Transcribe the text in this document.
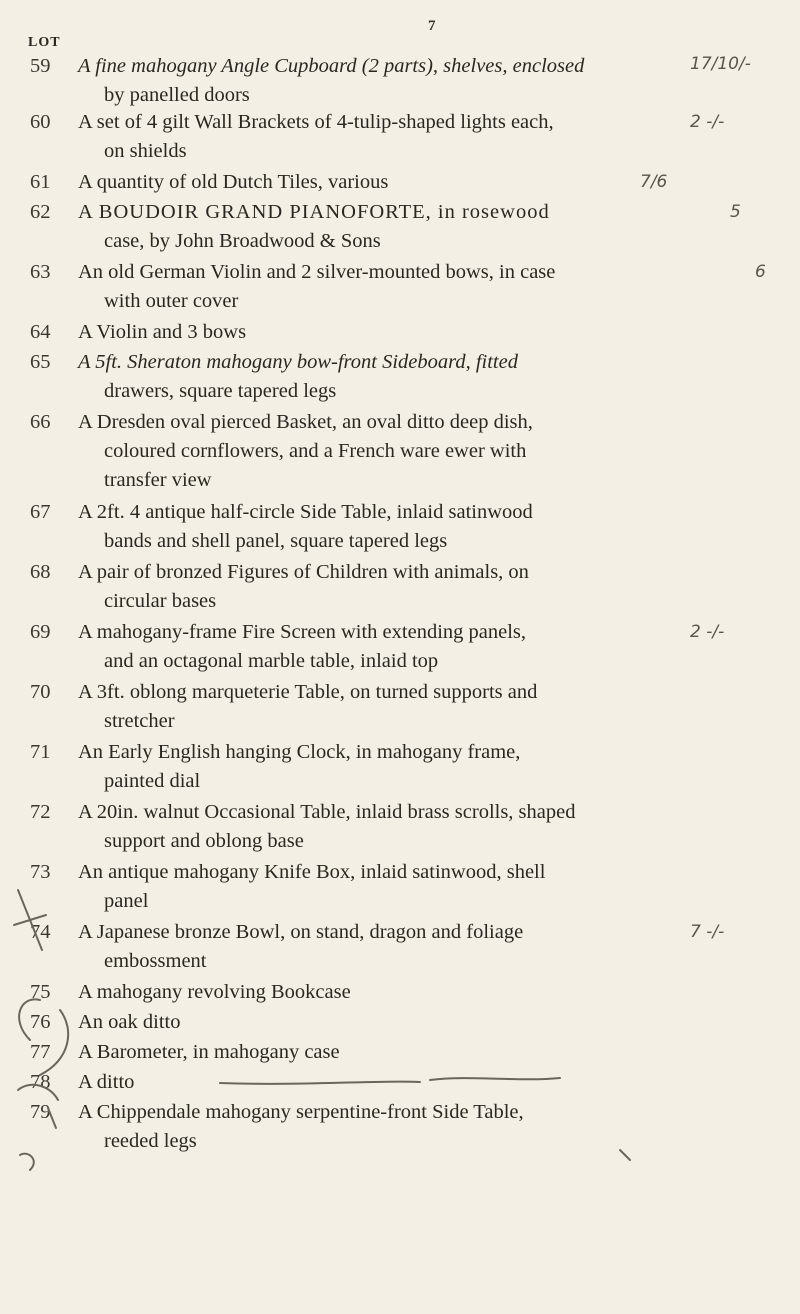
7
LOT
59	A fine mahogany Angle Cupboard (2 parts), shelves, enclosed
by panelled doors
17/10/-
60	A set of 4 gilt Wall Brackets of 4-tulip-shaped lights each,
on shields
2 -/-
61	A quantity of old Dutch Tiles, various	7/6
62	A BOUDOIR GRAND PIANOFORTE, in rosewood
case, by John Broadwood & Sons
5
63	An old German Violin and 2 silver-mounted bows, in case
with outer cover
6
64	A Violin and 3 bows
65	A 5ft. Sheraton mahogany bow-front Sideboard, fitted
drawers, square tapered legs
66	A Dresden oval pierced Basket, an oval ditto deep dish,
coloured cornflowers, and a French ware ewer with
transfer view
67	A 2ft. 4 antique half-circle Side Table, inlaid satinwood
bands and shell panel, square tapered legs
68	A pair of bronzed Figures of Children with animals, on
circular bases
69	A mahogany-frame Fire Screen with extending panels,
and an octagonal marble table, inlaid top
2 -/-
70	A 3ft. oblong marqueterie Table, on turned supports and
stretcher
71	An Early English hanging Clock, in mahogany frame,
painted dial
72	A 20in. walnut Occasional Table, inlaid brass scrolls, shaped
support and oblong base
73	An antique mahogany Knife Box, inlaid satinwood, shell
panel
74	A Japanese bronze Bowl, on stand, dragon and foliage
embossment
7 -/-
75	A mahogany revolving Bookcase
76	An oak ditto
77	A Barometer, in mahogany case
78	A ditto
79	A Chippendale mahogany serpentine-front Side Table,
reeded legs
